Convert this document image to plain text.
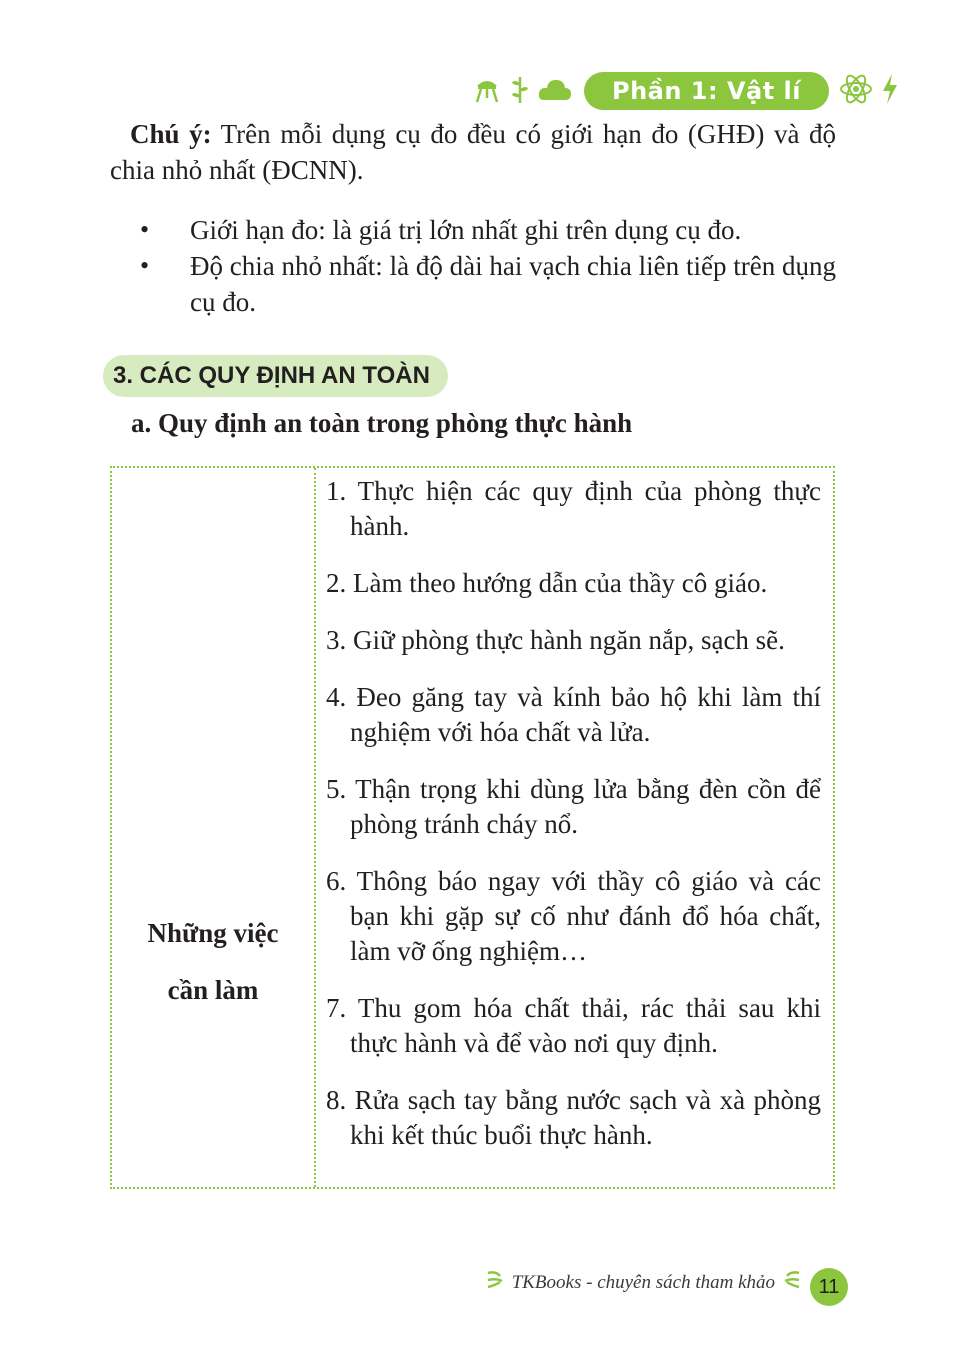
Phần 1: Vật lí
Chú ý: Trên mỗi dụng cụ đo đều có giới hạn đo (GHĐ) và độ chia nhỏ nhất (ĐCNN).
• Giới hạn đo: là giá trị lớn nhất ghi trên dụng cụ đo.
• Độ chia nhỏ nhất: là độ dài hai vạch chia liên tiếp trên dụng cụ đo.
3. CÁC QUY ĐỊNH AN TOÀN
a. Quy định an toàn trong phòng thực hành
Những việc
cần làm
1. Thực hiện các quy định của phòng thực hành.
2. Làm theo hướng dẫn của thầy cô giáo.
3. Giữ phòng thực hành ngăn nắp, sạch sẽ.
4. Đeo găng tay và kính bảo hộ khi làm thí nghiệm với hóa chất và lửa.
5. Thận trọng khi dùng lửa bằng đèn cồn để phòng tránh cháy nổ.
6. Thông báo ngay với thầy cô giáo và các bạn khi gặp sự cố như đánh đổ hóa chất, làm vỡ ống nghiệm…
7. Thu gom hóa chất thải, rác thải sau khi thực hành và để vào nơi quy định.
8. Rửa sạch tay bằng nước sạch và xà phòng khi kết thúc buổi thực hành.
TKBooks - chuyên sách tham khảo	11
